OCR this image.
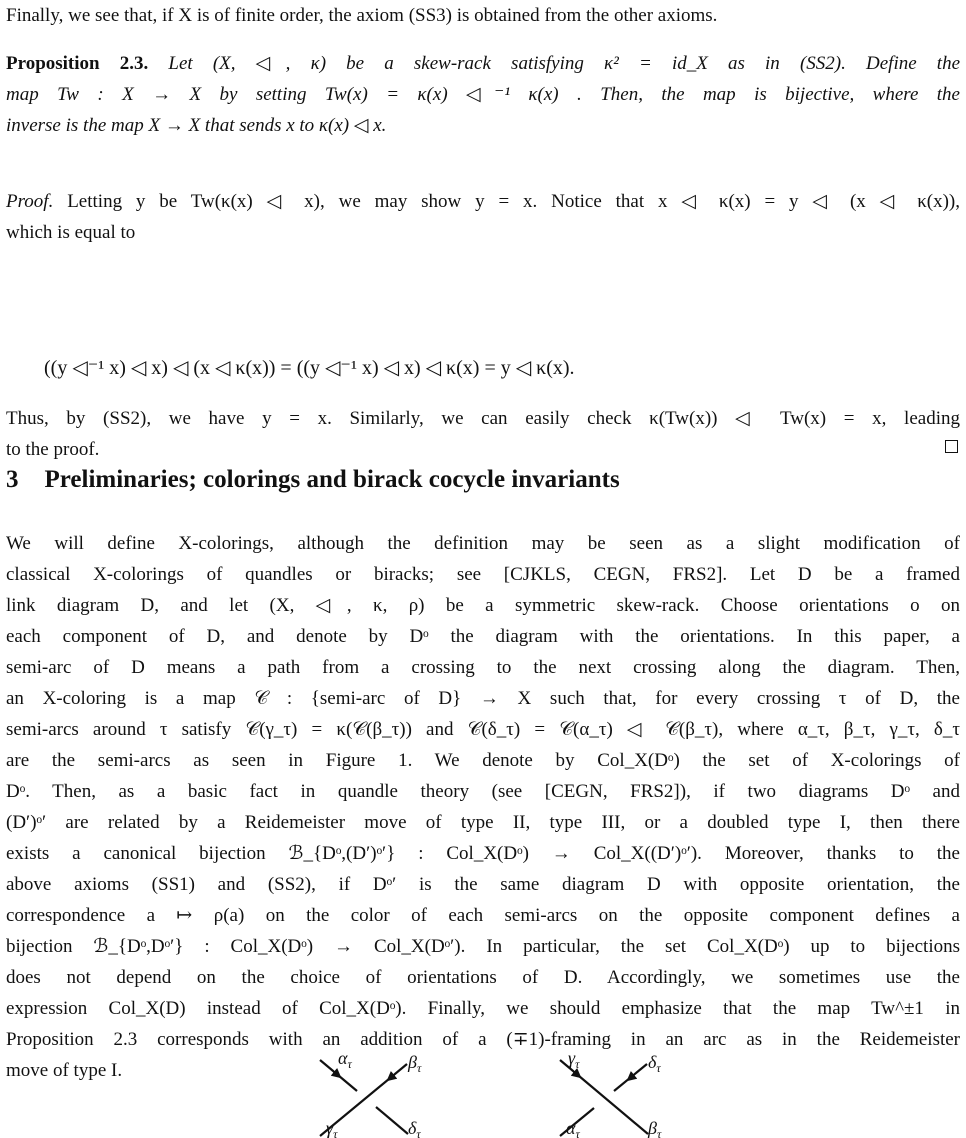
Finally, we see that, if X is of finite order, the axiom (SS3) is obtained from the other axioms.

Proposition 2.3. Let (X, ◁, κ) be a skew-rack satisfying κ² = id_X as in (SS2). Define the
map Tw : X → X by setting Tw(x) = κ(x) ◁⁻¹ κ(x) . Then, the map is bijective, where the
inverse is the map X → X that sends x to κ(x) ◁ x.

Proof. Letting y be Tw(κ(x) ◁ x), we may show y = x. Notice that x ◁ κ(x) = y ◁ (x ◁ κ(x)),
which is equal to

((y ◁⁻¹ x) ◁ x) ◁ (x ◁ κ(x)) = ((y ◁⁻¹ x) ◁ x) ◁ κ(x) = y ◁ κ(x).

Thus, by (SS2), we have y = x. Similarly, we can easily check κ(Tw(x)) ◁ Tw(x) = x, leading
to the proof.

3 Preliminaries; colorings and birack cocycle invariants

We will define X-colorings, although the definition may be seen as a slight modification of
classical X-colorings of quandles or biracks; see [CJKLS, CEGN, FRS2]. Let D be a framed
link diagram D, and let (X, ◁, κ, ρ) be a symmetric skew-rack. Choose orientations o on
each component of D, and denote by Dᵒ the diagram with the orientations. In this paper, a
semi-arc of D means a path from a crossing to the next crossing along the diagram. Then,
an X-coloring is a map 𝒞 : {semi-arc of D} → X such that, for every crossing τ of D, the
semi-arcs around τ satisfy 𝒞(γ_τ) = κ(𝒞(β_τ)) and 𝒞(δ_τ) = 𝒞(α_τ) ◁ 𝒞(β_τ), where α_τ, β_τ, γ_τ, δ_τ
are the semi-arcs as seen in Figure 1. We denote by Col_X(Dᵒ) the set of X-colorings of
Dᵒ. Then, as a basic fact in quandle theory (see [CEGN, FRS2]), if two diagrams Dᵒ and
(D′)ᵒ′ are related by a Reidemeister move of type II, type III, or a doubled type I, then there
exists a canonical bijection ℬ_{Dᵒ,(D′)ᵒ′} : Col_X(Dᵒ) → Col_X((D′)ᵒ′). Moreover, thanks to the
above axioms (SS1) and (SS2), if Dᵒ′ is the same diagram D with opposite orientation, the
correspondence a ↦ ρ(a) on the color of each semi-arcs on the opposite component defines a
bijection ℬ_{Dᵒ,Dᵒ′} : Col_X(Dᵒ) → Col_X(Dᵒ′). In particular, the set Col_X(Dᵒ) up to bijections
does not depend on the choice of orientations of D. Accordingly, we sometimes use the
expression Col_X(D) instead of Col_X(Dᵒ). Finally, we should emphasize that the map Tw^±1 in
Proposition 2.3 corresponds with an addition of a (∓1)-framing in an arc as in the Reidemeister
move of type I.

$\alpha_\tau$	$\beta_\tau$
$\gamma_\tau$	$\delta_\tau$
$\gamma_\tau$	$\delta_\tau$
$\alpha_\tau$	$\beta_\tau$
